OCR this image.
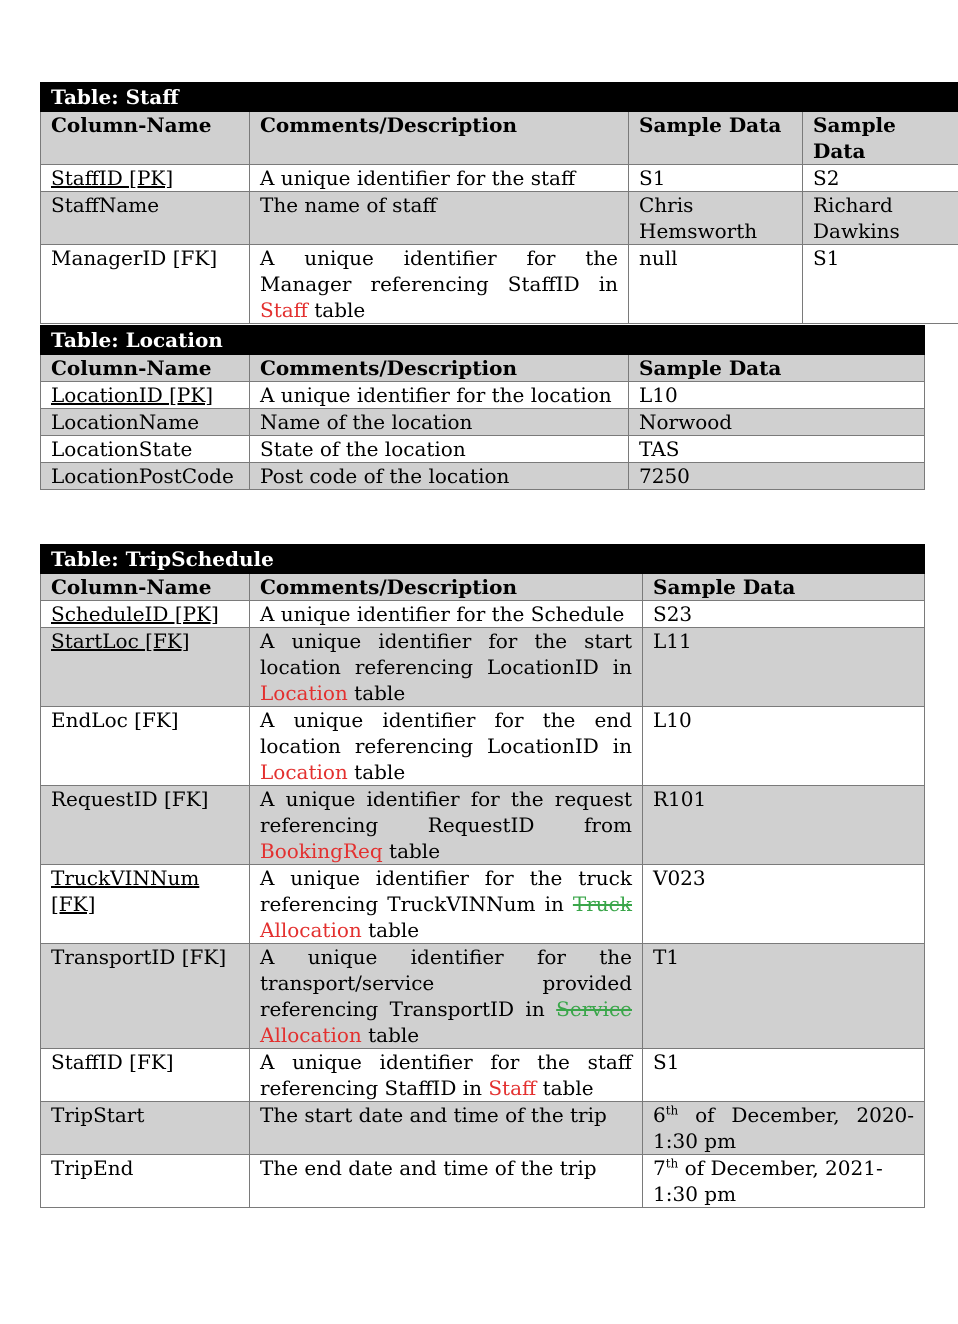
Table: Staff			
Column-Name	Comments/Description	Sample Data	Sample Data
StaffID [PK]	A unique identifier for the staff	S1	S2
StaffName	The name of staff	Chris Hemsworth	Richard Dawkins
ManagerID [FK]	A unique identifier for the Manager referencing StaffID in Staff table	null	S1
Table: Location		
Column-Name	Comments/Description	Sample Data
LocationID [PK]	A unique identifier for the location	L10
LocationName	Name of the location	Norwood
LocationState	State of the location	TAS
LocationPostCode	Post code of the location	7250
Table: TripSchedule		
Column-Name	Comments/Description	Sample Data
ScheduleID [PK]	A unique identifier for the Schedule	S23
StartLoc [FK]	A unique identifier for the start location referencing LocationID in Location table	L11
EndLoc [FK]	A unique identifier for the end location referencing LocationID in Location table	L10
RequestID [FK]	A unique identifier for the request referencing RequestID from BookingReq table	R101
TruckVINNum [FK]	A unique identifier for the truck referencing TruckVINNum in Truck Allocation table	V023
TransportID [FK]	A unique identifier for the transport/service provided referencing TransportID in Service Allocation table	T1
StaffID [FK]	A unique identifier for the staff referencing StaffID in Staff table	S1
TripStart	The start date and time of the trip	6th of December, 2020-1:30 pm
TripEnd	The end date and time of the trip	7th of December, 2021-1:30 pm
